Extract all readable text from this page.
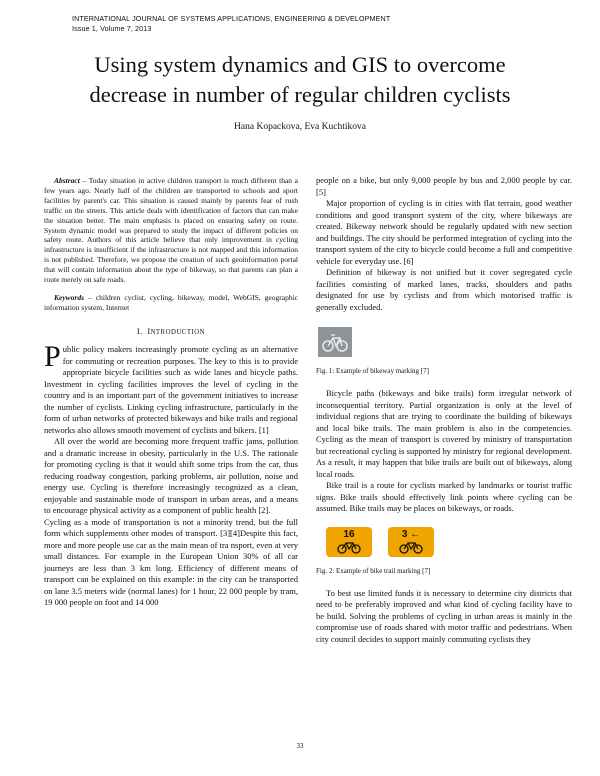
INTERNATIONAL JOURNAL OF SYSTEMS APPLICATIONS, ENGINEERING & DEVELOPMENT
Issue 1, Volume 7, 2013
Using system dynamics and GIS to overcome
decrease in number of regular children cyclists
Hana Kopackova, Eva Kuchtikova

Abstract – Today situation in active children transport is much different than a few years ago. Nearly half of the children are transported to schools and sport facilities by parent's car. This situation is caused mainly by parents fear of rush traffic on the streets. This article deals with identification of factors that can make the situation better. The main emphasis is placed on ensuring safety on route. System dynamic model was prepared to study the impact of different policies on safety route. Authors of this article believe that only improvement in cycling infrastructure is insufficient if the infrastructure is not mapped and this information is not published. Therefore, we propose the creation of such geoinformation portal that will contain information about the type of bikeway, so that parents can plan a route merely on safe roads.

Keywords – children cyclist, cycling, bikeway, model, WebGIS, geographic information system, Internet

I. INTRODUCTION

Public policy makers increasingly promote cycling as an alternative for commuting or recreation purposes. The key to this is to provide appropriate bicycle facilities such as wide lanes and bicycle paths. Investment in cycling facilities improves the level of cycling in the country and is an important part of the government initiatives to increase the number of cyclists. Linking cycling infrastructure, particularly in the form of urban networks of protected bikeways and bike trails and regional networks also allows smooth movement of cyclists and bikers. [1]

All over the world are becoming more frequent traffic jams, pollution and a dramatic increase in obesity, particularly in the U.S. The rationale for promoting cycling is that it would shift some trips from the car, thus reducing roadway congestion, parking problems, air pollution, noise and energy use. Cycling is therefore increasingly recognized as a clean, enjoyable and sustainable mode of transport in urban areas, and a means to encourage physical activity as a component of public health [2].

Cycling as a mode of transportation is not a minority trend, but the full form which supplements other modes of transport. [3][4]Despite this fact, more and more people use car as the main mean of tra nsport, even at very small distances. For example in the European Union 30% of all car journeys are less than 3 km long. Efficiency of different means of transport can be explained on this example: in the city can be transported on lane 3.5 meters wide (normal lanes) for 1 hour, 22 000 people by tram, 19 000 people on foot and 14 000

people on a bike, but only 9,000 people by bus and 2,000 people by car. [5]

Major proportion of cycling is in cities with flat terrain, good weather conditions and good transport system of the city, where bikeways are created. Bikeway network should be regularly updated with new section and buildings. The city should be performed integration of cycling into the transport system of the city to bicycle could become a full and competitive vehicle for everyday use. [6]

Definition of bikeway is not unified but it cover segregated cycle facilities consisting of marked lanes, tracks, shoulders and paths designated for use by cyclists and from which motorised traffic is generally excluded.

Fig. 1: Example of bikeway marking [7]

Bicycle paths (bikeways and bike trails) form irregular network of inconsequential territory. Partial organization is only at the level of individual regions that are trying to coordinate the building of bikeways and local bike trails. The main problem is also in the competencies. Cycling as the mean of transport is covered by ministry of transportation but recreational cycling is supported by ministry for regional development. As a result, it may happen that bike trails are built out of bikeways, along local roads.

Bike trail is a route for cyclists marked by landmarks or tourist traffic signs. Bike trails should effectively link points where cycling can be assumed. Bike trails may be places on bikeways, or roads.

16	3 ←

Fig. 2: Example of bike trail marking [7]

To best use limited funds it is necessary to determine city districts that need to be preferably improved and what kind of cycling facility have to be build. Solving the problems of cycling in urban areas is mainly in the compromise use of roads shared with motor traffic and pedestrians. When city council decides to support mainly commuting cyclists they

33
